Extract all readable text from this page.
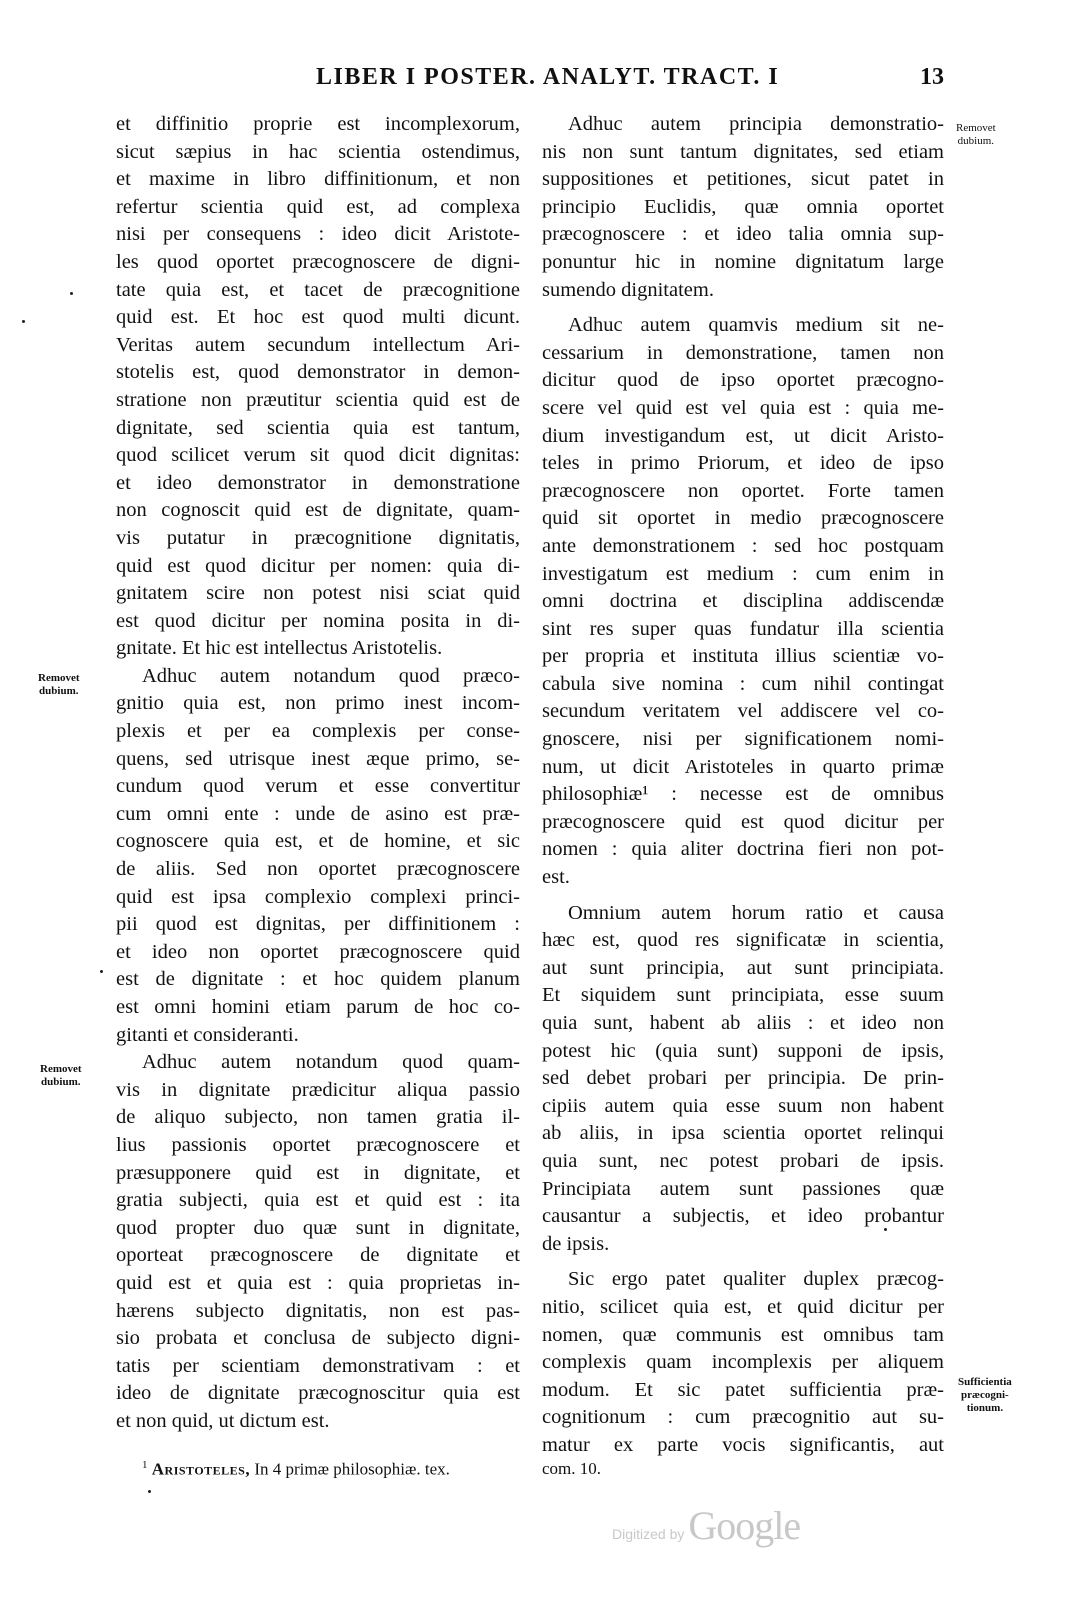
LIBER I POSTER. ANALYT. TRACT. I	13
et diffinitio proprie est incomplexorum,
sicut sæpius in hac scientia ostendimus,
et maxime in libro diffinitionum, et non
refertur scientia quid est, ad complexa
nisi per consequens : ideo dicit Aristote-
les quod oportet præcognoscere de digni-
tate quia est, et tacet de præcognitione
quid est. Et hoc est quod multi dicunt.
Veritas autem secundum intellectum Ari-
stotelis est, quod demonstrator in demon-
stratione non præutitur scientia quid est de
dignitate, sed scientia quia est tantum,
quod scilicet verum sit quod dicit dignitas:
et ideo demonstrator in demonstratione
non cognoscit quid est de dignitate, quam-
vis putatur in præcognitione dignitatis,
quid est quod dicitur per nomen: quia di-
gnitatem scire non potest nisi sciat quid
est quod dicitur per nomina posita in di-
gnitate. Et hic est intellectus Aristotelis.
Adhuc autem notandum quod præco-
gnitio quia est, non primo inest incom-
plexis et per ea complexis per conse-
quens, sed utrisque inest æque primo, se-
cundum quod verum et esse convertitur
cum omni ente : unde de asino est præ-
cognoscere quia est, et de homine, et sic
de aliis. Sed non oportet præcognoscere
quid est ipsa complexio complexi princi-
pii quod est dignitas, per diffinitionem :
et ideo non oportet præcognoscere quid
est de dignitate : et hoc quidem planum
est omni homini etiam parum de hoc co-
gitanti et consideranti.
Adhuc autem notandum quod quam-
vis in dignitate prædicitur aliqua passio
de aliquo subjecto, non tamen gratia il-
lius passionis oportet præcognoscere et
præsupponere quid est in dignitate, et
gratia subjecti, quia est et quid est : ita
quod propter duo quæ sunt in dignitate,
oporteat præcognoscere de dignitate et
quid est et quia est : quia proprietas in-
hærens subjecto dignitatis, non est pas-
sio probata et conclusa de subjecto digni-
tatis per scientiam demonstrativam : et
ideo de dignitate præcognoscitur quia est
et non quid, ut dictum est.
Adhuc autem principia demonstratio-
nis non sunt tantum dignitates, sed etiam
suppositiones et petitiones, sicut patet in
principio Euclidis, quæ omnia oportet
præcognoscere : et ideo talia omnia sup-
ponuntur hic in nomine dignitatum large
sumendo dignitatem.
Adhuc autem quamvis medium sit ne-
cessarium in demonstratione, tamen non
dicitur quod de ipso oportet præcogno-
scere vel quid est vel quia est : quia me-
dium investigandum est, ut dicit Aristo-
teles in primo Priorum, et ideo de ipso
præcognoscere non oportet. Forte tamen
quid sit oportet in medio præcognoscere
ante demonstrationem : sed hoc postquam
investigatum est medium : cum enim in
omni doctrina et disciplina addiscendæ
sint res super quas fundatur illa scientia
per propria et instituta illius scientiæ vo-
cabula sive nomina : cum nihil contingat
secundum veritatem vel addiscere vel co-
gnoscere, nisi per significationem nomi-
num, ut dicit Aristoteles in quarto primæ
philosophiæ¹ : necesse est de omnibus
præcognoscere quid est quod dicitur per
nomen : quia aliter doctrina fieri non pot-
est.
Omnium autem horum ratio et causa
hæc est, quod res significatæ in scientia,
aut sunt principia, aut sunt principiata.
Et siquidem sunt principiata, esse suum
quia sunt, habent ab aliis : et ideo non
potest hic (quia sunt) supponi de ipsis,
sed debet probari per principia. De prin-
cipiis autem quia esse suum non habent
ab aliis, in ipsa scientia oportet relinqui
quia sunt, nec potest probari de ipsis.
Principiata autem sunt passiones quæ
causantur a subjectis, et ideo probantur
de ipsis.
Sic ergo patet qualiter duplex præcog-
nitio, scilicet quia est, et quid dicitur per
nomen, quæ communis est omnibus tam
complexis quam incomplexis per aliquem
modum. Et sic patet sufficientia præ-
cognitionum : cum præcognitio aut su-
matur ex parte vocis significantis, aut
Removet
dubium.
Removet
dubium.
Removet
dubium.
Sufficientia
præcogni-
tionum.
$^1$ Aristoteles, In 4 primæ philosophiæ. tex.	com. 10.
Digitized by Google
